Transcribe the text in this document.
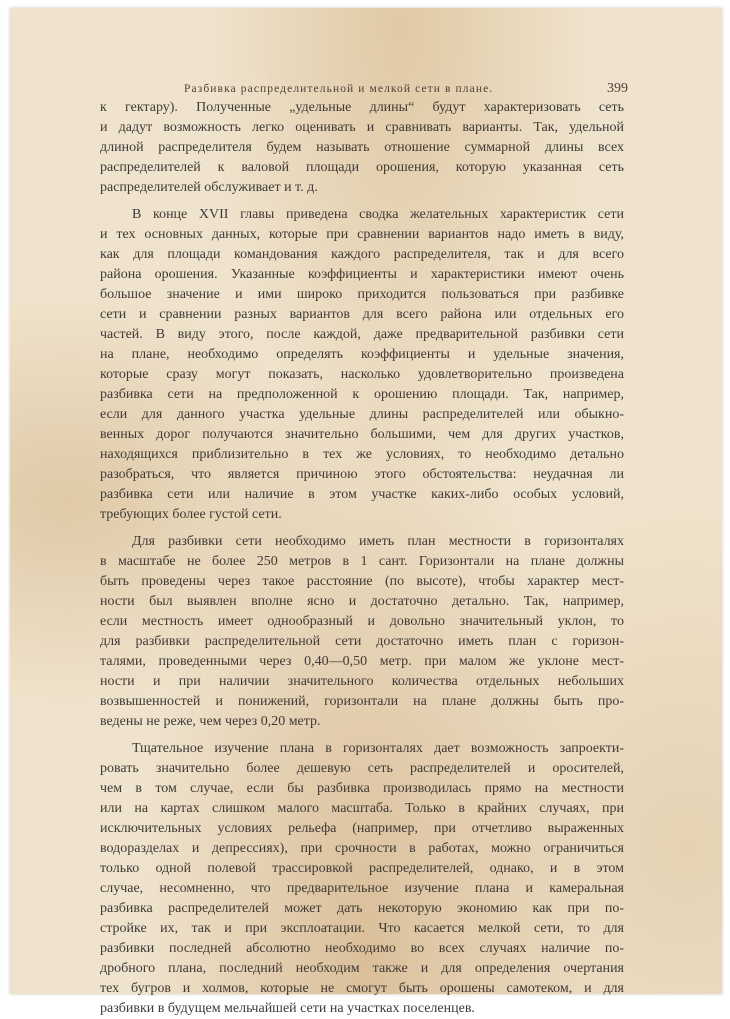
Разбивка распределительной и мелкой сети в плане.	399
к гектару). Полученные „удельные длины“ будут характеризовать сеть
и дадут возможность легко оценивать и сравнивать варианты. Так, удельной
длиной распределителя будем называть отношение суммарной длины всех
распределителей к валовой площади орошения, которую указанная сеть
распределителей обслуживает и т. д.
В конце XVII главы приведена сводка желательных характеристик сети
и тех основных данных, которые при сравнении вариантов надо иметь в виду,
как для площади командования каждого распределителя, так и для всего
района орошения. Указанные коэффициенты и характеристики имеют очень
большое значение и ими широко приходится пользоваться при разбивке
сети и сравнении разных вариантов для всего района или отдельных его
частей. В виду этого, после каждой, даже предварительной разбивки сети
на плане, необходимо определять коэффициенты и удельные значения,
которые сразу могут показать, насколько удовлетворительно произведена
разбивка сети на предположенной к орошению площади. Так, например,
если для данного участка удельные длины распределителей или обыкно-
венных дорог получаются значительно большими, чем для других участков,
находящихся приблизительно в тех же условиях, то необходимо детально
разобраться, что является причиною этого обстоятельства: неудачная ли
разбивка сети или наличие в этом участке каких-либо особых условий,
требующих более густой сети.
Для разбивки сети необходимо иметь план местности в горизонталях
в масштабе не более 250 метров в 1 сант. Горизонтали на плане должны
быть проведены через такое расстояние (по высоте), чтобы характер мест-
ности был выявлен вполне ясно и достаточно детально. Так, например,
если местность имеет однообразный и довольно значительный уклон, то
для разбивки распределительной сети достаточно иметь план с горизон-
талями, проведенными через 0,40—0,50 метр. при малом же уклоне мест-
ности и при наличии значительного количества отдельных небольших
возвышенностей и понижений, горизонтали на плане должны быть про-
ведены не реже, чем через 0,20 метр.
Тщательное изучение плана в горизонталях дает возможность запроекти-
ровать значительно более дешевую сеть распределителей и оросителей,
чем в том случае, если бы разбивка производилась прямо на местности
или на картах слишком малого масштаба. Только в крайних случаях, при
исключительных условиях рельефа (например, при отчетливо выраженных
водоразделах и депрессиях), при срочности в работах, можно ограничиться
только одной полевой трассировкой распределителей, однако, и в этом
случае, несомненно, что предварительное изучение плана и камеральная
разбивка распределителей может дать некоторую экономию как при по-
стройке их, так и при эксплоатации. Что касается мелкой сети, то для
разбивки последней абсолютно необходимо во всех случаях наличие по-
дробного плана, последний необходим также и для определения очертания
тех бугров и холмов, которые не смогут быть орошены самотеком, и для
разбивки в будущем мельчайшей сети на участках поселенцев.
